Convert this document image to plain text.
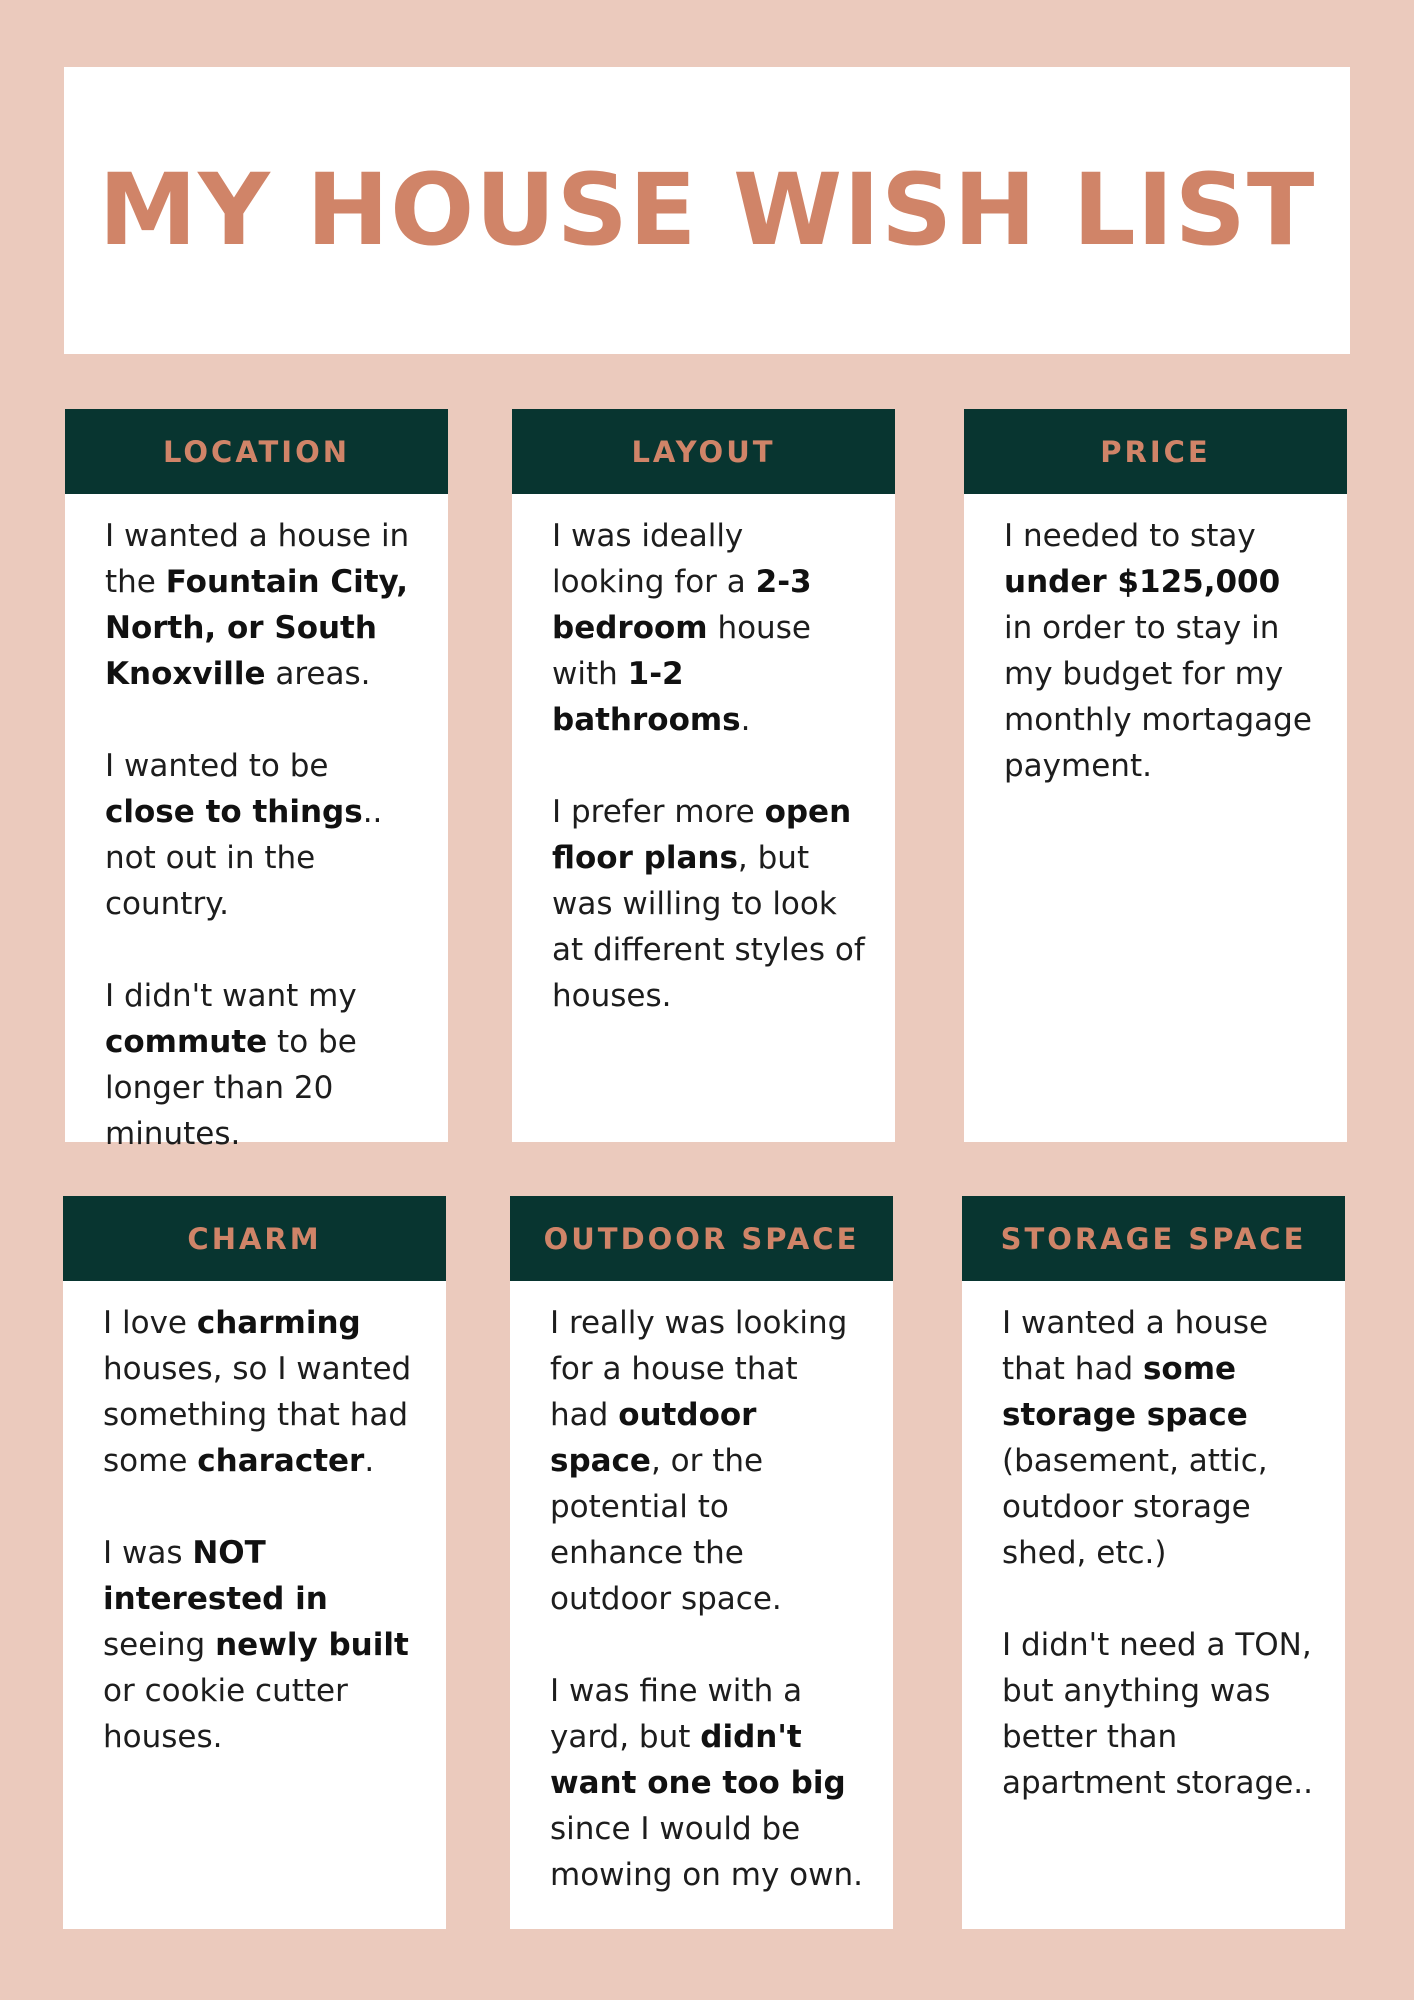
MY HOUSE WISH LIST
LOCATION

I wanted a house in the Fountain City, North, or South Knoxville areas.

I wanted to be close to things.. not out in the country.

I didn't want my commute to be longer than 20 minutes.

LAYOUT

I was ideally looking for a 2-3 bedroom house with 1-2 bathrooms.

I prefer more open floor plans, but was willing to look at different styles of houses.

PRICE

I needed to stay under $125,000 in order to stay in my budget for my monthly mortagage payment.

CHARM

I love charming houses, so I wanted something that had some character.

I was NOT interested in seeing newly built or cookie cutter houses.

OUTDOOR SPACE

I really was looking for a house that had outdoor space, or the potential to enhance the outdoor space.

I was fine with a yard, but didn't want one too big since I would be mowing on my own.

STORAGE SPACE

I wanted a house that had some storage space (basement, attic, outdoor storage shed, etc.)

I didn't need a TON, but anything was better than apartment storage..
